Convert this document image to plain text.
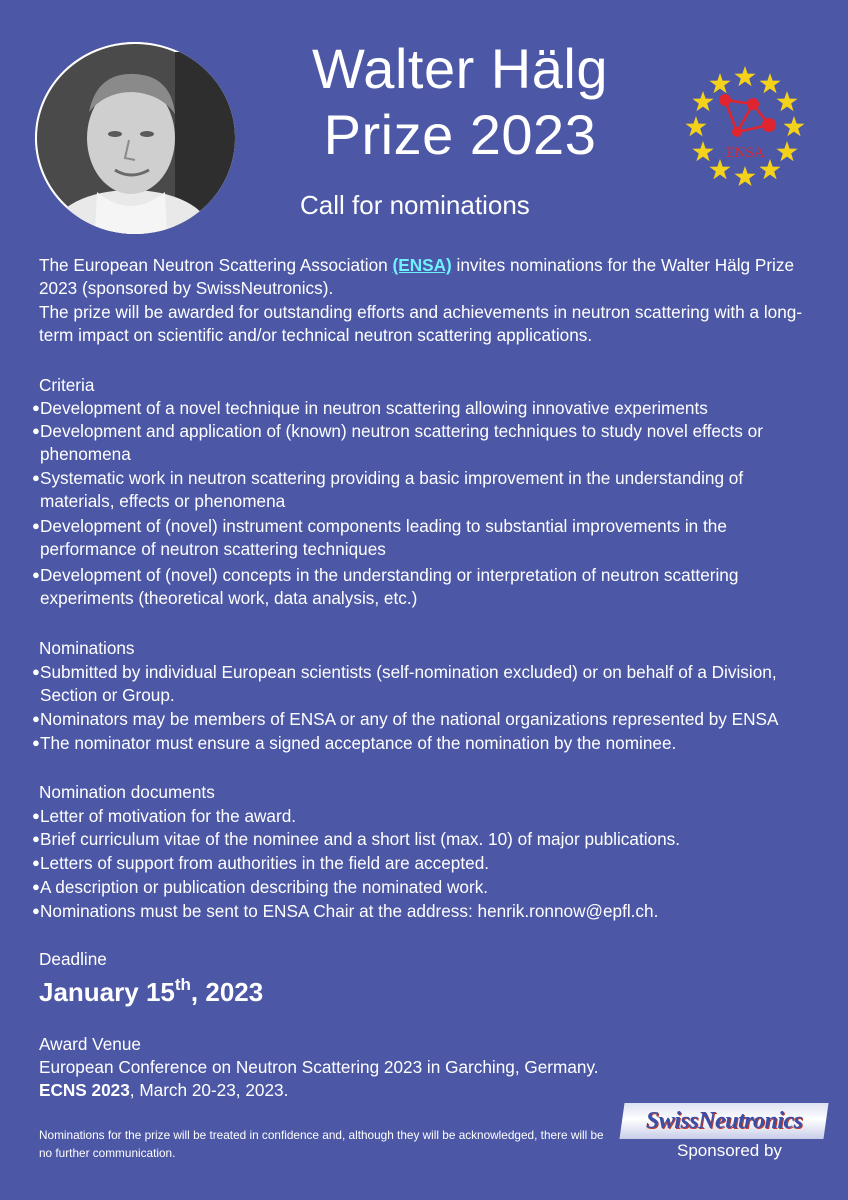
Walter Hälg
Prize 2023
Call for nominations
ENSA
The European Neutron Scattering Association (ENSA) invites nominations for the Walter Hälg Prize 2023 (sponsored by SwissNeutronics).
The prize will be awarded for outstanding efforts and achievements in neutron scattering with a long-term impact on scientific and/or technical neutron scattering applications.
Criteria
● Development of a novel technique in neutron scattering allowing innovative experiments
● Development and application of (known) neutron scattering techniques to study novel effects or phenomena
● Systematic work in neutron scattering providing a basic improvement in the understanding of materials, effects or phenomena
● Development of (novel) instrument components leading to substantial improvements in the performance of neutron scattering techniques
● Development of (novel) concepts in the understanding or interpretation of neutron scattering experiments (theoretical work, data analysis, etc.)
Nominations
● Submitted by individual European scientists (self-nomination excluded) or on behalf of a Division, Section or Group.
● Nominators may be members of ENSA or any of the national organizations represented by ENSA
● The nominator must ensure a signed acceptance of the nomination by the nominee.
Nomination documents
● Letter of motivation for the award.
● Brief curriculum vitae of the nominee and a short list (max. 10) of major publications.
● Letters of support from authorities in the field are accepted.
● A description or publication describing the nominated work.
● Nominations must be sent to ENSA Chair at the address: henrik.ronnow@epfl.ch.
Deadline
January 15th, 2023
Award Venue
European Conference on Neutron Scattering 2023 in Garching, Germany.
ECNS 2023, March 20-23, 2023.
Nominations for the prize will be treated in confidence and, although they will be acknowledged, there will be no further communication.
SwissNeutronics
Sponsored by
